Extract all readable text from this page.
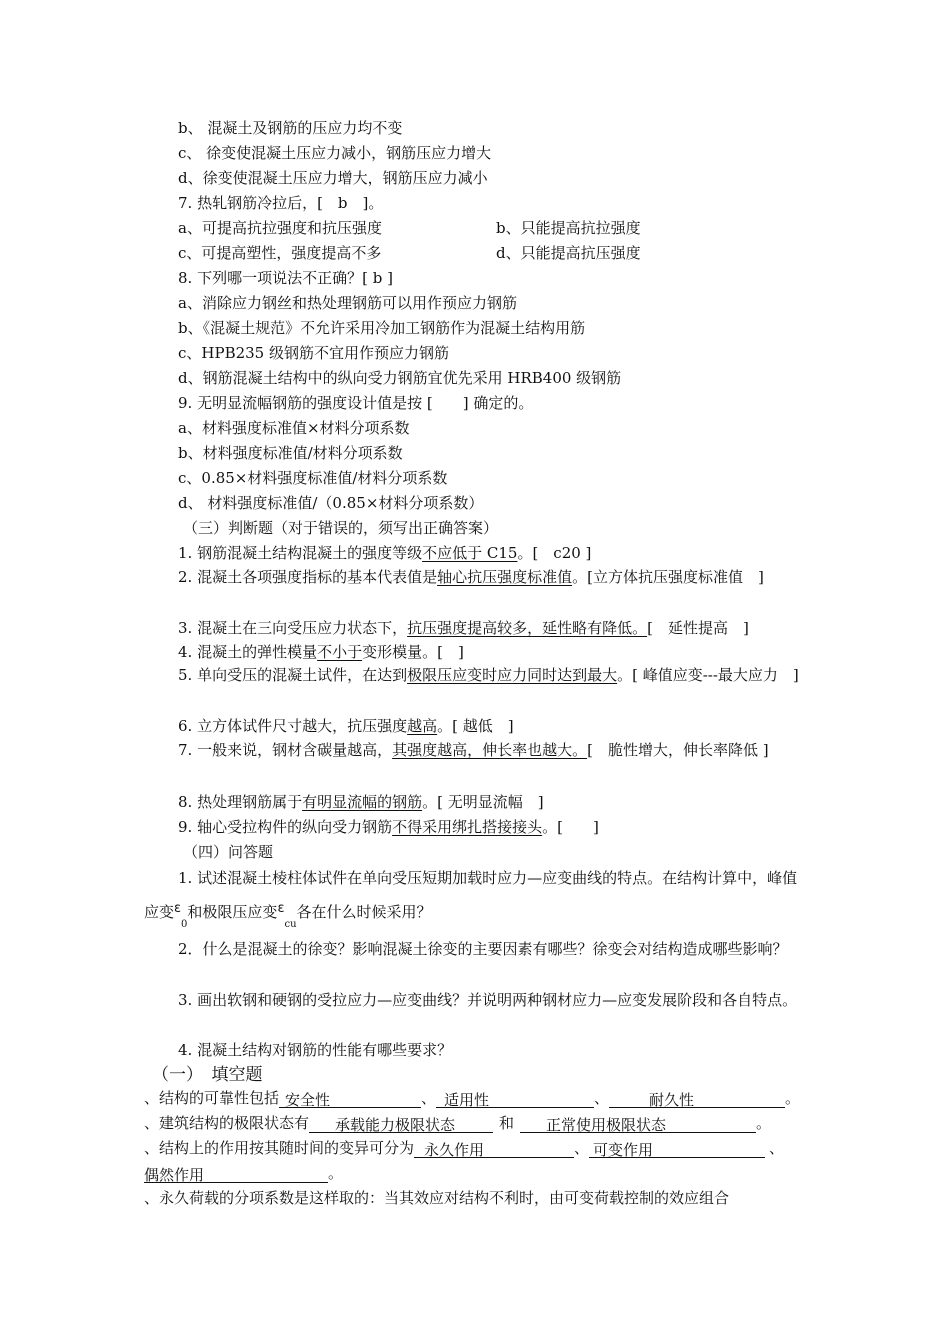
b、 混凝土及钢筋的压应力均不变
c、 徐变使混凝土压应力减小，钢筋压应力增大
d、徐变使混凝土压应力增大，钢筋压应力减小
7. 热轧钢筋冷拉后，[　b　]。
a、可提高抗拉强度和抗压强度	b、只能提高抗拉强度
c、可提高塑性，强度提高不多	d、只能提高抗压强度
8. 下列哪一项说法不正确？[ b ]
a、消除应力钢丝和热处理钢筋可以用作预应力钢筋
b、《混凝土规范》不允许采用冷加工钢筋作为混凝土结构用筋
c、HPB235 级钢筋不宜用作预应力钢筋
d、钢筋混凝土结构中的纵向受力钢筋宜优先采用 HRB400 级钢筋
9. 无明显流幅钢筋的强度设计值是按 [　　] 确定的。
a、材料强度标准值×材料分项系数
b、材料强度标准值/材料分项系数
c、0.85×材料强度标准值/材料分项系数
d、 材料强度标准值/（0.85×材料分项系数）
（三）判断题（对于错误的，须写出正确答案）
1. 钢筋混凝土结构混凝土的强度等级不应低于 C15。[　c20 ]
2. 混凝土各项强度指标的基本代表值是轴心抗压强度标准值。[立方体抗压强度标准值　]
3. 混凝土在三向受压应力状态下，抗压强度提高较多，延性略有降低。[　延性提高　]
4. 混凝土的弹性模量不小于变形模量。[　]
5. 单向受压的混凝土试件，在达到极限压应变时应力同时达到最大。[ 峰值应变---最大应力　]
6. 立方体试件尺寸越大，抗压强度越高。[ 越低　]
7. 一般来说，钢材含碳量越高，其强度越高，伸长率也越大。[　脆性增大，伸长率降低 ]
8. 热处理钢筋属于有明显流幅的钢筋。[ 无明显流幅　]
9. 轴心受拉构件的纵向受力钢筋不得采用绑扎搭接接头。[　　]
（四）问答题
1. 试述混凝土棱柱体试件在单向受压短期加载时应力—应变曲线的特点。在结构计算中，峰值应变$\varepsilon_0$和极限压应变$\varepsilon_{cu}$各在什么时候采用？
2．什么是混凝土的徐变？影响混凝土徐变的主要因素有哪些？徐变会对结构造成哪些影响？
3. 画出软钢和硬钢的受拉应力—应变曲线？并说明两种钢材应力—应变发展阶段和各自特点。
4. 混凝土结构对钢筋的性能有哪些要求？
（一）　填空题
、结构的可靠性包括 安全性	、 适用性	、	耐久性	。
、建筑结构的极限状态有 承载能力极限状态	和 正常使用极限状态	。
、结构上的作用按其随时间的变异可分为 永久作用	、 可变作用	、
偶然作用	。
、永久荷载的分项系数是这样取的：当其效应对结构不利时，由可变荷载控制的效应组合
